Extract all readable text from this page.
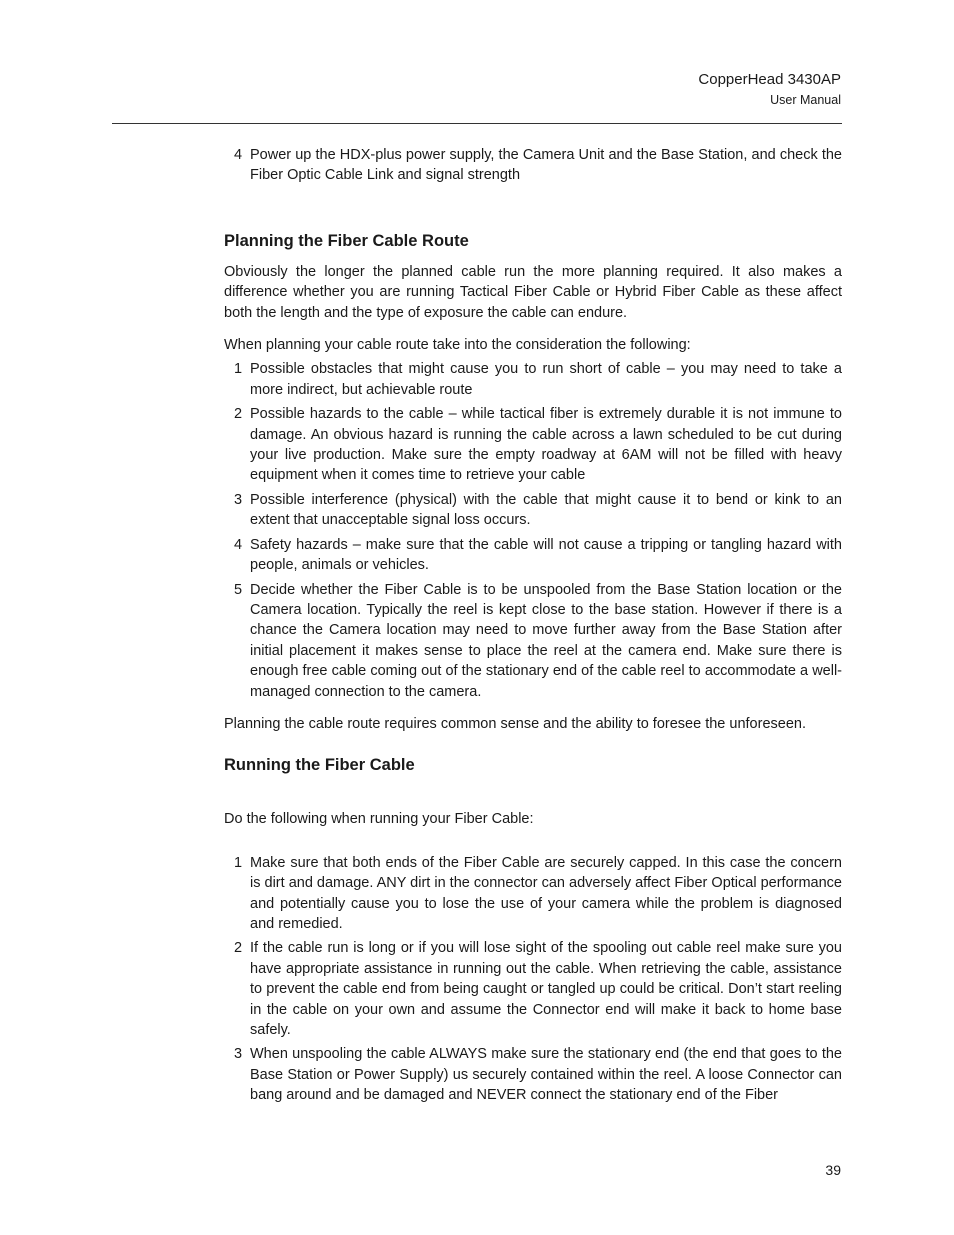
CopperHead 3430AP
User Manual
4 Power up the HDX-plus power supply, the Camera Unit and the Base Station, and check the Fiber Optic Cable Link and signal strength
Planning the Fiber Cable Route

Obviously the longer the planned cable run the more planning required. It also makes a difference whether you are running Tactical Fiber Cable or Hybrid Fiber Cable as these affect both the length and the type of exposure the cable can endure.

When planning your cable route take into the consideration the following:

1 Possible obstacles that might cause you to run short of cable – you may need to take a more indirect, but achievable route
2 Possible hazards to the cable – while tactical fiber is extremely durable it is not immune to damage. An obvious hazard is running the cable across a lawn scheduled to be cut during your live production. Make sure the empty roadway at 6AM will not be filled with heavy equipment when it comes time to retrieve your cable
3 Possible interference (physical) with the cable that might cause it to bend or kink to an extent that unacceptable signal loss occurs.
4 Safety hazards – make sure that the cable will not cause a tripping or tangling hazard with people, animals or vehicles.
5 Decide whether the Fiber Cable is to be unspooled from the Base Station location or the Camera location. Typically the reel is kept close to the base station. However if there is a chance the Camera location may need to move further away from the Base Station after initial placement it makes sense to place the reel at the camera end. Make sure there is enough free cable coming out of the stationary end of the cable reel to accommodate a well-managed connection to the camera.

Planning the cable route requires common sense and the ability to foresee the unforeseen.

Running the Fiber Cable

Do the following when running your Fiber Cable:

1 Make sure that both ends of the Fiber Cable are securely capped. In this case the concern is dirt and damage. ANY dirt in the connector can adversely affect Fiber Optical performance and potentially cause you to lose the use of your camera while the problem is diagnosed and remedied.
2 If the cable run is long or if you will lose sight of the spooling out cable reel make sure you have appropriate assistance in running out the cable. When retrieving the cable, assistance to prevent the cable end from being caught or tangled up could be critical. Don’t start reeling in the cable on your own and assume the Connector end will make it back to home base safely.
3 When unspooling the cable ALWAYS make sure the stationary end (the end that goes to the Base Station or Power Supply) us securely contained within the reel. A loose Connector can bang around and be damaged and NEVER connect the stationary end of the Fiber
39
